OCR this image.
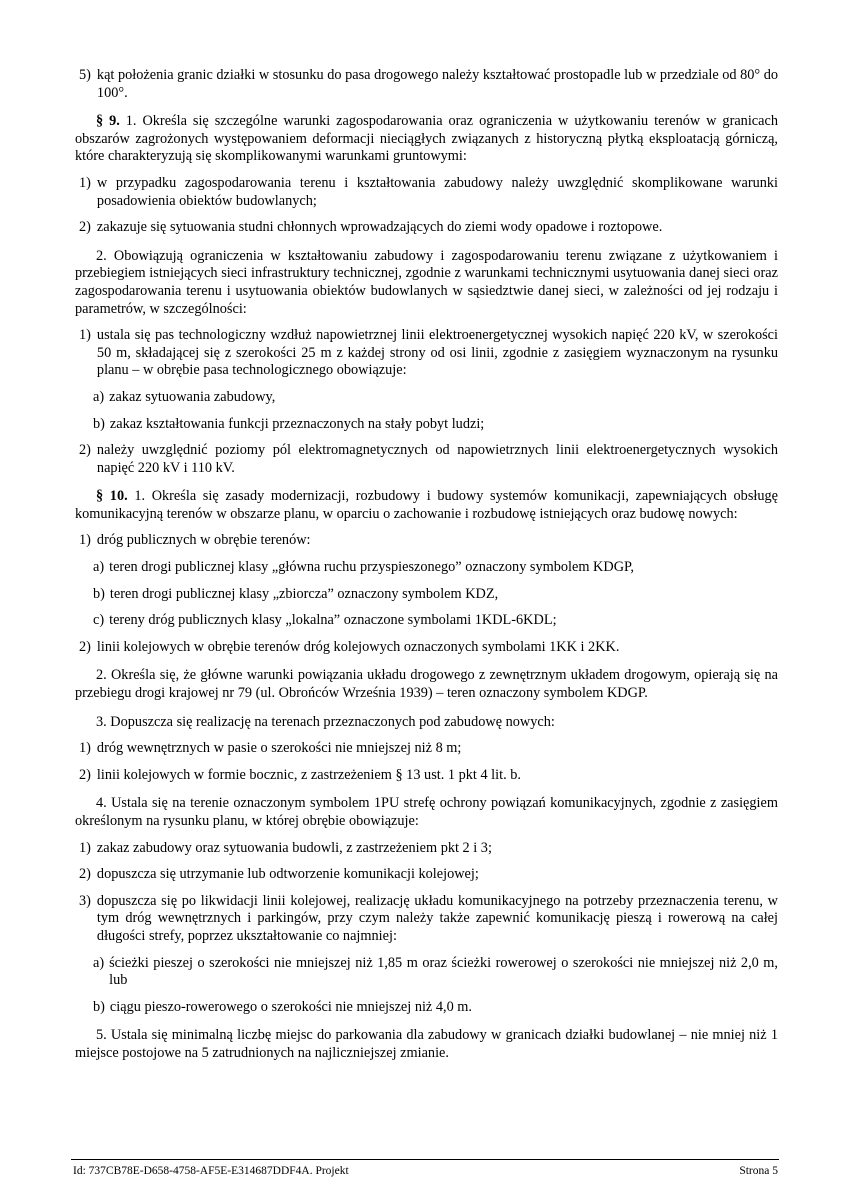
5) kąt położenia granic działki w stosunku do pasa drogowego należy kształtować prostopadle lub w przedziale od 80° do 100°.

§ 9. 1. Określa się szczególne warunki zagospodarowania oraz ograniczenia w użytkowaniu terenów w granicach obszarów zagrożonych występowaniem deformacji nieciągłych związanych z historyczną płytką eksploatacją górniczą, które charakteryzują się skomplikowanymi warunkami gruntowymi:

1) w przypadku zagospodarowania terenu i kształtowania zabudowy należy uwzględnić skomplikowane warunki posadowienia obiektów budowlanych;
2) zakazuje się sytuowania studni chłonnych wprowadzających do ziemi wody opadowe i roztopowe.

2. Obowiązują ograniczenia w kształtowaniu zabudowy i zagospodarowaniu terenu związane z użytkowaniem i przebiegiem istniejących sieci infrastruktury technicznej, zgodnie z warunkami technicznymi usytuowania danej sieci oraz zagospodarowania terenu i usytuowania obiektów budowlanych w sąsiedztwie danej sieci, w zależności od jej rodzaju i parametrów, w szczególności:

1) ustala się pas technologiczny wzdłuż napowietrznej linii elektroenergetycznej wysokich napięć 220 kV, w szerokości 50 m, składającej się z szerokości 25 m z każdej strony od osi linii, zgodnie z zasięgiem wyznaczonym na rysunku planu – w obrębie pasa technologicznego obowiązuje:
a) zakaz sytuowania zabudowy,
b) zakaz kształtowania funkcji przeznaczonych na stały pobyt ludzi;
2) należy uwzględnić poziomy pól elektromagnetycznych od napowietrznych linii elektroenergetycznych wysokich napięć 220 kV i 110 kV.

§ 10. 1. Określa się zasady modernizacji, rozbudowy i budowy systemów komunikacji, zapewniających obsługę komunikacyjną terenów w obszarze planu, w oparciu o zachowanie i rozbudowę istniejących oraz budowę nowych:

1) dróg publicznych w obrębie terenów:
a) teren drogi publicznej klasy „główna ruchu przyspieszonego” oznaczony symbolem KDGP,
b) teren drogi publicznej klasy „zbiorcza” oznaczony symbolem KDZ,
c) tereny dróg publicznych klasy „lokalna” oznaczone symbolami 1KDL-6KDL;
2) linii kolejowych w obrębie terenów dróg kolejowych oznaczonych symbolami 1KK i 2KK.

2. Określa się, że główne warunki powiązania układu drogowego z zewnętrznym układem drogowym, opierają się na przebiegu drogi krajowej nr 79 (ul. Obrońców Września 1939) – teren oznaczony symbolem KDGP.

3. Dopuszcza się realizację na terenach przeznaczonych pod zabudowę nowych:

1) dróg wewnętrznych w pasie o szerokości nie mniejszej niż 8 m;
2) linii kolejowych w formie bocznic, z zastrzeżeniem § 13 ust. 1 pkt 4 lit. b.

4. Ustala się na terenie oznaczonym symbolem 1PU strefę ochrony powiązań komunikacyjnych, zgodnie z zasięgiem określonym na rysunku planu, w której obrębie obowiązuje:

1) zakaz zabudowy oraz sytuowania budowli, z zastrzeżeniem pkt 2 i 3;
2) dopuszcza się utrzymanie lub odtworzenie komunikacji kolejowej;
3) dopuszcza się po likwidacji linii kolejowej, realizację układu komunikacyjnego na potrzeby przeznaczenia terenu, w tym dróg wewnętrznych i parkingów, przy czym należy także zapewnić komunikację pieszą i rowerową na całej długości strefy, poprzez ukształtowanie co najmniej:
a) ścieżki pieszej o szerokości nie mniejszej niż 1,85 m oraz ścieżki rowerowej o szerokości nie mniejszej niż 2,0 m, lub
b) ciągu pieszo-rowerowego o szerokości nie mniejszej niż 4,0 m.

5. Ustala się minimalną liczbę miejsc do parkowania dla zabudowy w granicach działki budowlanej – nie mniej niż 1 miejsce postojowe na 5 zatrudnionych na najliczniejszej zmianie.

Id: 737CB78E-D658-4758-AF5E-E314687DDF4A. Projekt	Strona 5
